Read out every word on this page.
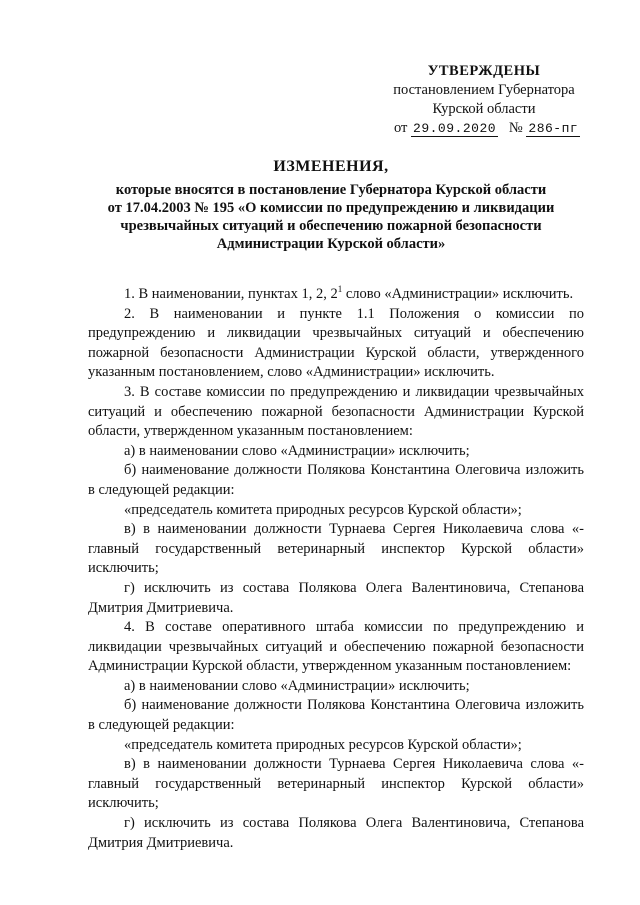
УТВЕРЖДЕНЫ
постановлением Губернатора
Курской области
от 29.09.2020 № 286-пг
ИЗМЕНЕНИЯ,
которые вносятся в постановление Губернатора Курской области
от 17.04.2003 № 195 «О комиссии по предупреждению и ликвидации
чрезвычайных ситуаций и обеспечению пожарной безопасности
Администрации Курской области»

1. В наименовании, пунктах 1, 2, $2^1$ слово «Администрации» исключить.

2. В наименовании и пункте 1.1 Положения о комиссии по предупреждению и ликвидации чрезвычайных ситуаций и обеспечению пожарной безопасности Администрации Курской области, утвержденного указанным постановлением, слово «Администрации» исключить.

3. В составе комиссии по предупреждению и ликвидации чрезвычайных ситуаций и обеспечению пожарной безопасности Администрации Курской области, утвержденном указанным постановлением:

а) в наименовании слово «Администрации» исключить;

б) наименование должности Полякова Константина Олеговича изложить в следующей редакции:

«председатель комитета природных ресурсов Курской области»;

в) в наименовании должности Турнаева Сергея Николаевича слова «- главный государственный ветеринарный инспектор Курской области» исключить;

г) исключить из состава Полякова Олега Валентиновича, Степанова Дмитрия Дмитриевича.

4. В составе оперативного штаба комиссии по предупреждению и ликвидации чрезвычайных ситуаций и обеспечению пожарной безопасности Администрации Курской области, утвержденном указанным постановлением:

а) в наименовании слово «Администрации» исключить;

б) наименование должности Полякова Константина Олеговича изложить в следующей редакции:

«председатель комитета природных ресурсов Курской области»;

в) в наименовании должности Турнаева Сергея Николаевича слова «- главный государственный ветеринарный инспектор Курской области» исключить;

г) исключить из состава Полякова Олега Валентиновича, Степанова Дмитрия Дмитриевича.
